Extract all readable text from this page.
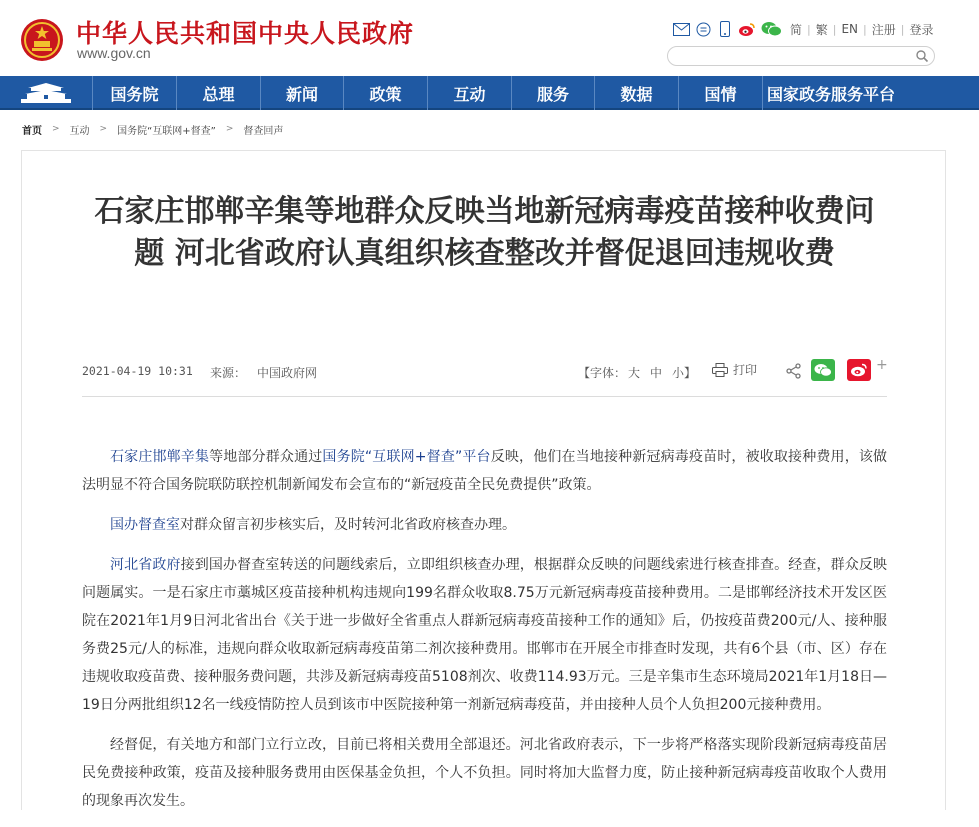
中华人民共和国中央人民政府
www.gov.cn
简 | 繁 | EN | 注册 | 登录
国务院	总理	新闻	政策	互动	服务	数据	国情	国家政务服务平台
首页 > 互动 > 国务院“互联网+督查” > 督查回声
石家庄邯郸辛集等地群众反映当地新冠病毒疫苗接种收费问题 河北省政府认真组织核查整改并督促退回违规收费
2021-04-19 10:31 来源： 中国政府网	【字体： 大 中 小】	打印	+

石家庄邯郸辛集等地部分群众通过国务院“互联网+督查”平台反映，他们在当地接种新冠病毒疫苗时，被收取接种费用，该做法明显不符合国务院联防联控机制新闻发布会宣布的“新冠疫苗全民免费提供”政策。

国办督查室对群众留言初步核实后，及时转河北省政府核查办理。

河北省政府接到国办督查室转送的问题线索后，立即组织核查办理，根据群众反映的问题线索进行核查排查。经查，群众反映问题属实。一是石家庄市藁城区疫苗接种机构违规向199名群众收取8.75万元新冠病毒疫苗接种费用。二是邯郸经济技术开发区医院在2021年1月9日河北省出台《关于进一步做好全省重点人群新冠病毒疫苗接种工作的通知》后，仍按疫苗费200元/人、接种服务费25元/人的标准，违规向群众收取新冠病毒疫苗第二剂次接种费用。邯郸市在开展全市排查时发现，共有6个县（市、区）存在违规收取疫苗费、接种服务费问题，共涉及新冠病毒疫苗5108剂次、收费114.93万元。三是辛集市生态环境局2021年1月18日—19日分两批组织12名一线疫情防控人员到该市中医院接种第一剂新冠病毒疫苗，并由接种人员个人负担200元接种费用。

经督促，有关地方和部门立行立改，目前已将相关费用全部退还。河北省政府表示，下一步将严格落实现阶段新冠病毒疫苗居民免费接种政策，疫苗及接种服务费用由医保基金负担，个人不负担。同时将加大监督力度，防止接种新冠病毒疫苗收取个人费用的现象再次发生。
